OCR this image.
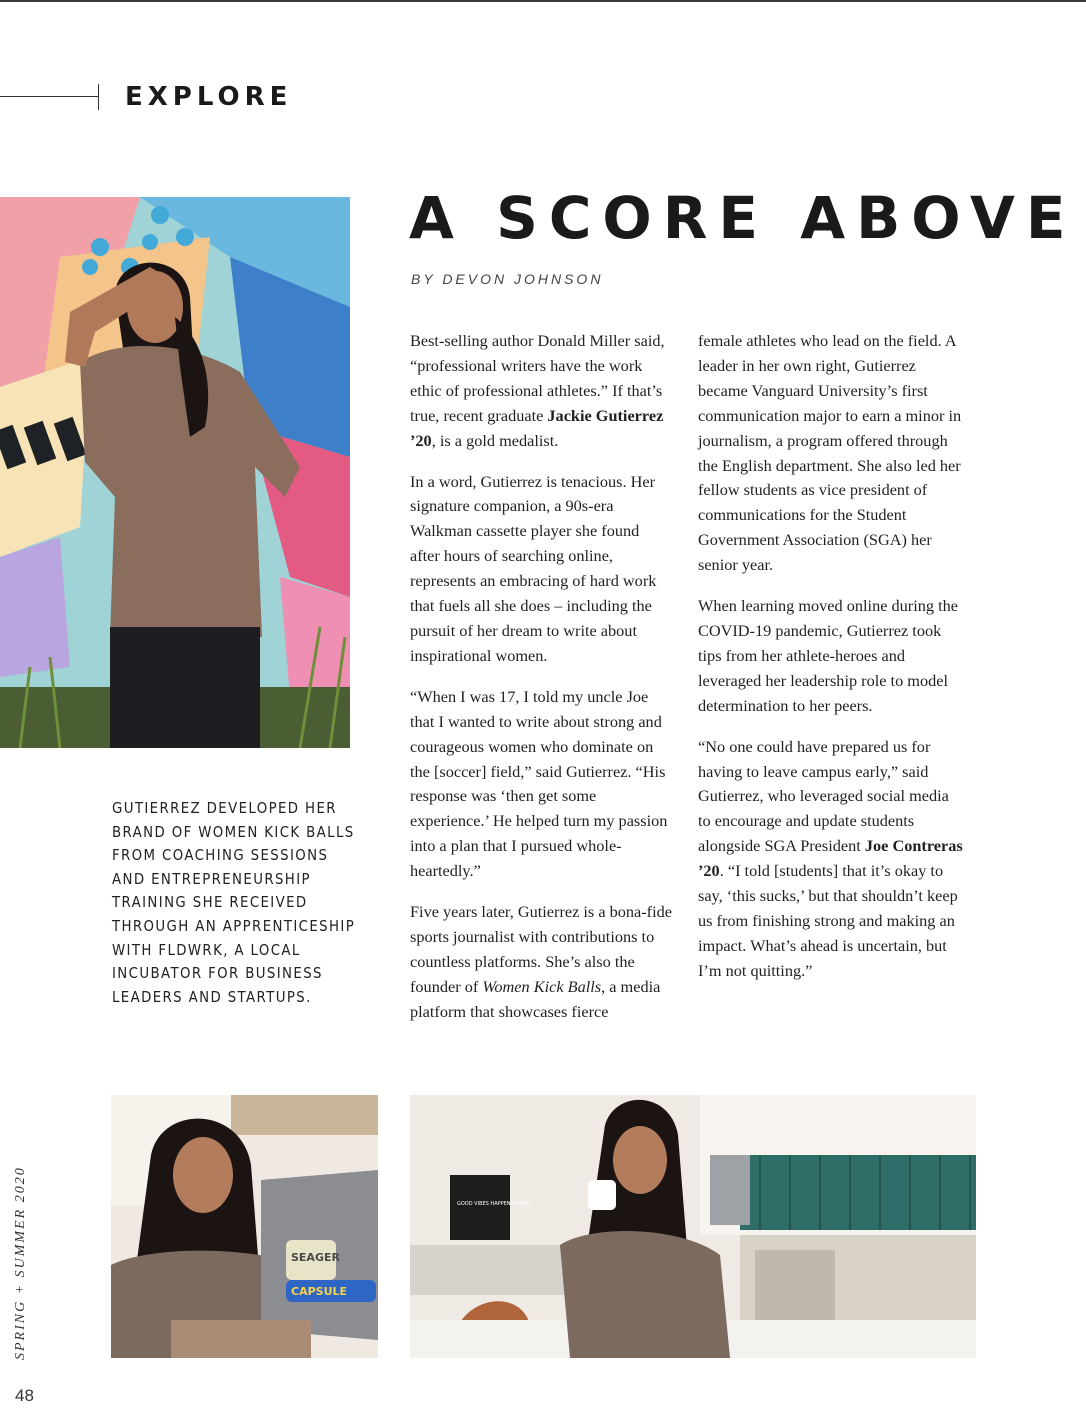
EXPLORE
A SCORE ABOVE
BY DEVON JOHNSON

Best-selling author Donald Miller said, “professional writers have the work ethic of professional athletes.” If that’s true, recent graduate Jackie Gutierrez ’20, is a gold medalist.

In a word, Gutierrez is tenacious. Her signature companion, a 90s-era Walkman cassette player she found after hours of searching online, represents an embracing of hard work that fuels all she does – including the pursuit of her dream to write about inspirational women.

“When I was 17, I told my uncle Joe that I wanted to write about strong and courageous women who dominate on the [soccer] field,” said Gutierrez. “His response was ‘then get some experience.’ He helped turn my passion into a plan that I pursued whole-heartedly.”

Five years later, Gutierrez is a bona-fide sports journalist with contributions to countless platforms. She’s also the founder of Women Kick Balls, a media platform that showcases fierce

female athletes who lead on the field. A leader in her own right, Gutierrez became Vanguard University’s first communication major to earn a minor in journalism, a program offered through the English department. She also led her fellow students as vice president of communications for the Student Government Association (SGA) her senior year.

When learning moved online during the COVID-19 pandemic, Gutierrez took tips from her athlete-heroes and leveraged her leadership role to model determination to her peers.

“No one could have prepared us for having to leave campus early,” said Gutierrez, who leveraged social media to encourage and update students alongside SGA President Joe Contreras ’20. “I told [students] that it’s okay to say, ‘this sucks,’ but that shouldn’t keep us from finishing strong and making an impact. What’s ahead is uncertain, but I’m not quitting.”

GUTIERREZ DEVELOPED HER BRAND OF WOMEN KICK BALLS FROM COACHING SESSIONS AND ENTREPRENEURSHIP TRAINING SHE RECEIVED THROUGH AN APPRENTICESHIP WITH FLDWRK, A LOCAL INCUBATOR FOR BUSINESS LEADERS AND STARTUPS.
SEAGER
CAPSULE
GOOD VIBES HAPPENS HERE
SPRING + SUMMER 2020
48
